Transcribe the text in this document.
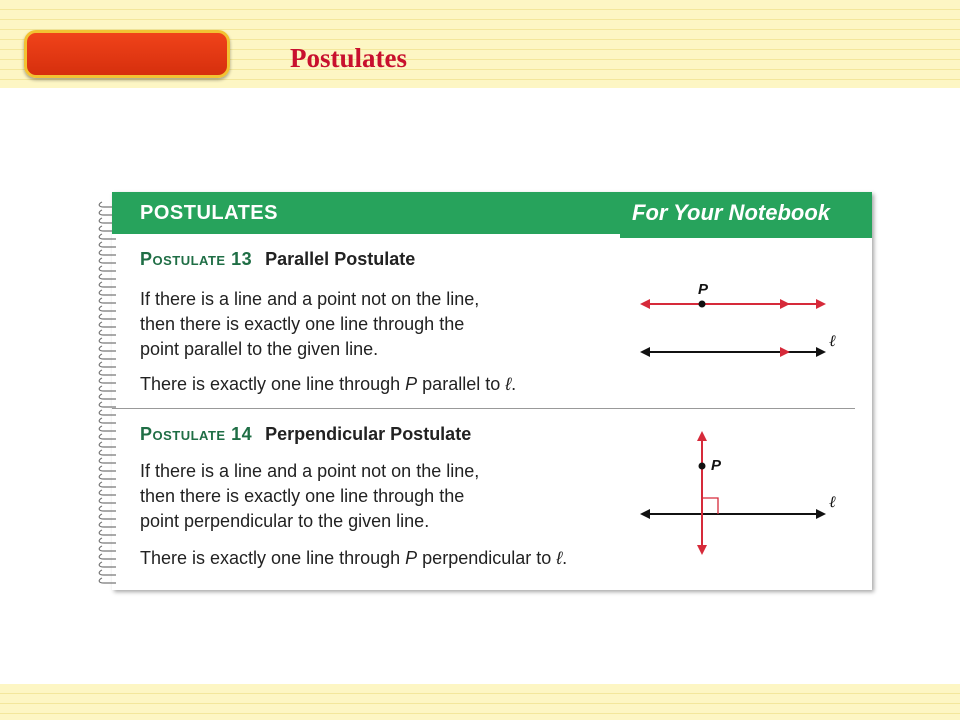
Postulates
POSTULATES	For Your Notebook
Postulate 13 Parallel Postulate
If there is a line and a point not on the line,
then there is exactly one line through the
point parallel to the given line.
There is exactly one line through P parallel to ℓ.
P
ℓ
Postulate 14 Perpendicular Postulate
If there is a line and a point not on the line,
then there is exactly one line through the
point perpendicular to the given line.
There is exactly one line through P perpendicular to ℓ.
ℓ
P
